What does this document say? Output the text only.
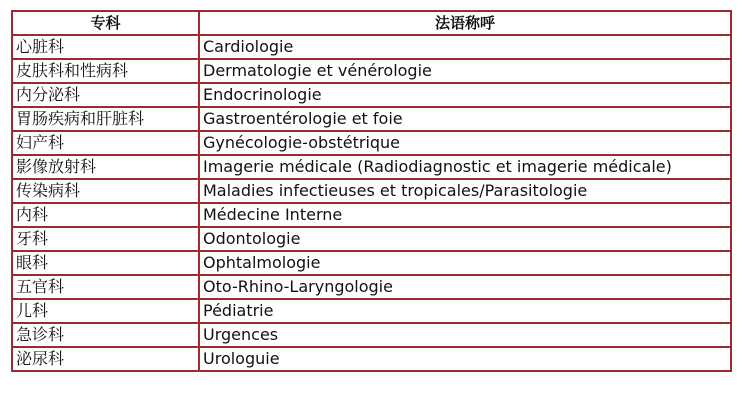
专科	法语称呼
心脏科	Cardiologie
皮肤科和性病科	Dermatologie et vénérologie
内分泌科	Endocrinologie
胃肠疾病和肝脏科	Gastroentérologie et foie
妇产科	Gynécologie-obstétrique
影像放射科	Imagerie médicale (Radiodiagnostic et imagerie médicale)
传染病科	Maladies infectieuses et tropicales/Parasitologie
内科	Médecine Interne
牙科	Odontologie
眼科	Ophtalmologie
五官科	Oto-Rhino-Laryngologie
儿科	Pédiatrie
急诊科	Urgences
泌尿科	Urologuie
